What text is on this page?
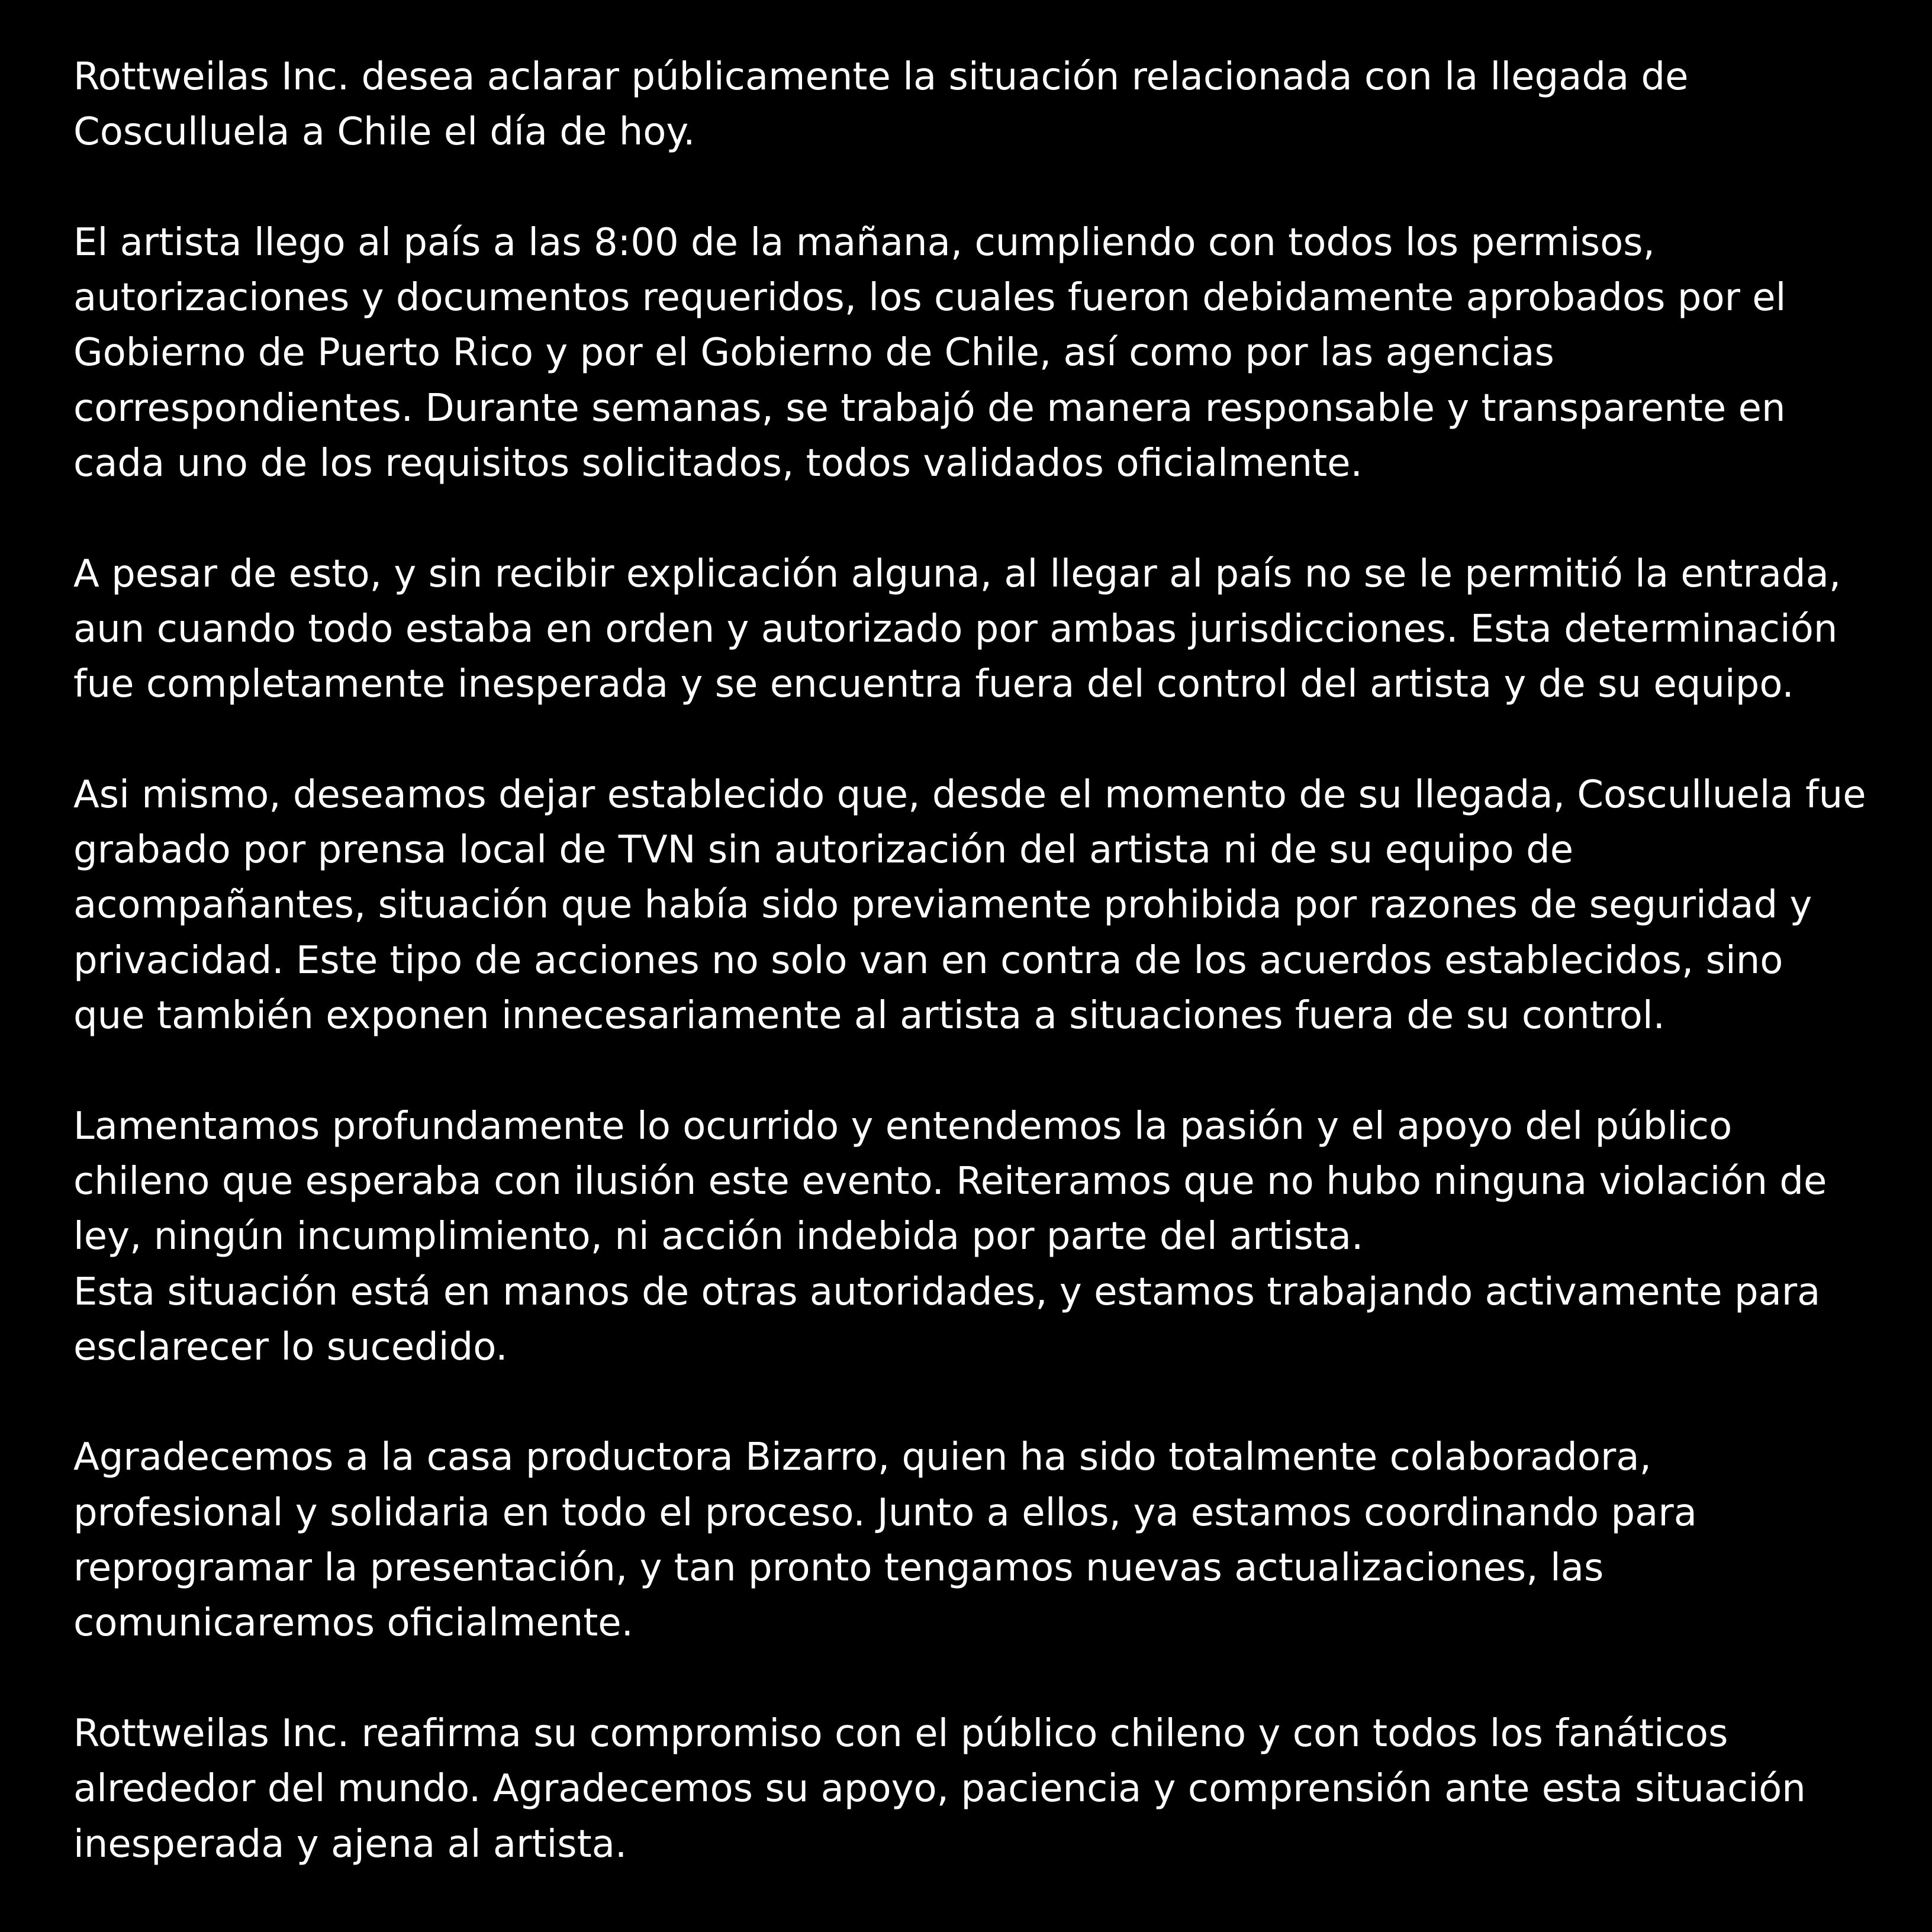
Rottweilas Inc. desea aclarar públicamente la situación relacionada con la llegada de
Cosculluela a Chile el día de hoy.

El artista llego al país a las 8:00 de la mañana, cumpliendo con todos los permisos,
autorizaciones y documentos requeridos, los cuales fueron debidamente aprobados por el
Gobierno de Puerto Rico y por el Gobierno de Chile, así como por las agencias
correspondientes. Durante semanas, se trabajó de manera responsable y transparente en
cada uno de los requisitos solicitados, todos validados oficialmente.

A pesar de esto, y sin recibir explicación alguna, al llegar al país no se le permitió la entrada,
aun cuando todo estaba en orden y autorizado por ambas jurisdicciones. Esta determinación
fue completamente inesperada y se encuentra fuera del control del artista y de su equipo.

Asi mismo, deseamos dejar establecido que, desde el momento de su llegada, Cosculluela fue
grabado por prensa local de TVN sin autorización del artista ni de su equipo de
acompañantes, situación que había sido previamente prohibida por razones de seguridad y
privacidad. Este tipo de acciones no solo van en contra de los acuerdos establecidos, sino
que también exponen innecesariamente al artista a situaciones fuera de su control.

Lamentamos profundamente lo ocurrido y entendemos la pasión y el apoyo del público
chileno que esperaba con ilusión este evento. Reiteramos que no hubo ninguna violación de
ley, ningún incumplimiento, ni acción indebida por parte del artista.
Esta situación está en manos de otras autoridades, y estamos trabajando activamente para
esclarecer lo sucedido.

Agradecemos a la casa productora Bizarro, quien ha sido totalmente colaboradora,
profesional y solidaria en todo el proceso. Junto a ellos, ya estamos coordinando para
reprogramar la presentación, y tan pronto tengamos nuevas actualizaciones, las
comunicaremos oficialmente.

Rottweilas Inc. reafirma su compromiso con el público chileno y con todos los fanáticos
alrededor del mundo. Agradecemos su apoyo, paciencia y comprensión ante esta situación
inesperada y ajena al artista.
